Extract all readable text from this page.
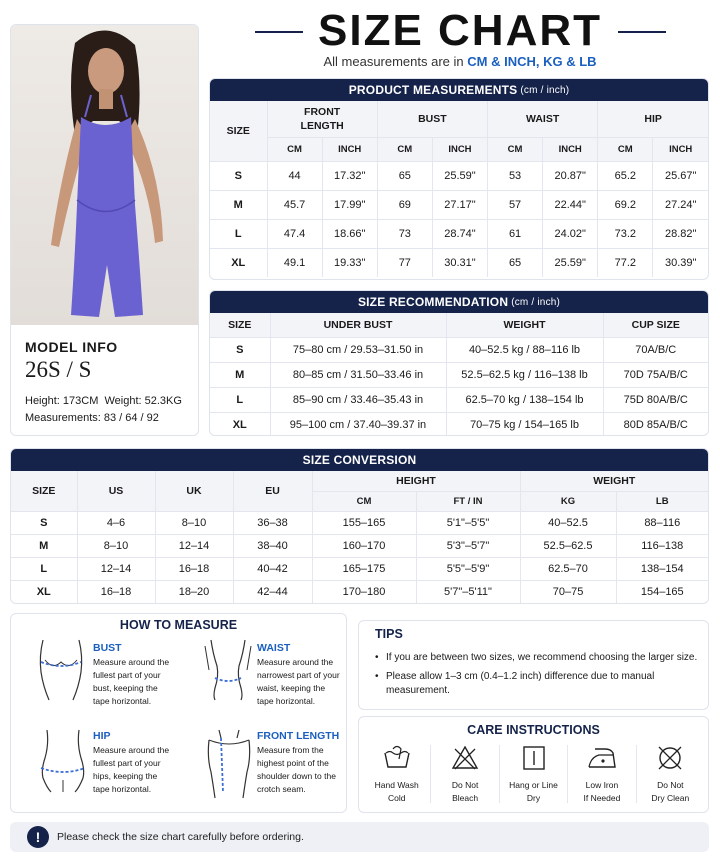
SIZE CHART
All measurements are in CM & INCH, KG & LB
MODEL INFO
26S / S
Height: 173CM  Weight: 52.3KG
Measurements: 83 / 64 / 92
PRODUCT MEASUREMENTS (cm / inch)
SIZE	FRONT LENGTH		BUST		WAIST		HIP	
	CM	INCH	CM	INCH	CM	INCH	CM	INCH
S	44	17.32"	65	25.59"	53	20.87"	65.2	25.67"
M	45.7	17.99"	69	27.17"	57	22.44"	69.2	27.24"
L	47.4	18.66"	73	28.74"	61	24.02"	73.2	28.82"
XL	49.1	19.33"	77	30.31"	65	25.59"	77.2	30.39"
SIZE RECOMMENDATION (cm / inch)
SIZE	UNDER BUST	WEIGHT	CUP SIZE
S	75–80 cm / 29.53–31.50 in	40–52.5 kg / 88–116 lb	70A/B/C
M	80–85 cm / 31.50–33.46 in	52.5–62.5 kg / 116–138 lb	70D 75A/B/C
L	85–90 cm / 33.46–35.43 in	62.5–70 kg / 138–154 lb	75D 80A/B/C
XL	95–100 cm / 37.40–39.37 in	70–75 kg / 154–165 lb	80D 85A/B/C
SIZE CONVERSION
SIZE	US	UK	EU	HEIGHT		WEIGHT	
				CM	FT / IN	KG	LB
S	4–6	8–10	36–38	155–165	5'1"–5'5"	40–52.5	88–116
M	8–10	12–14	38–40	160–170	5'3"–5'7"	52.5–62.5	116–138
L	12–14	16–18	40–42	165–175	5'5"–5'9"	62.5–70	138–154
XL	16–18	18–20	42–44	170–180	5'7"–5'11"	70–75	154–165
HOW TO MEASURE
BUST
Measure around the fullest part of your bust, keeping the tape horizontal.
WAIST
Measure around the narrowest part of your waist, keeping the tape horizontal.
HIP
Measure around the fullest part of your hips, keeping the tape horizontal.
FRONT LENGTH
Measure from the highest point of the shoulder down to the crotch seam.
TIPS
• If you are between two sizes, we recommend choosing the larger size.
• Please allow 1–3 cm (0.4–1.2 inch) difference due to manual measurement.
CARE INSTRUCTIONS
Hand Wash
Cold
Do Not
Bleach
Hang or Line
Dry
Low Iron
If Needed
Do Not
Dry Clean
!	Please check the size chart carefully before ordering.
